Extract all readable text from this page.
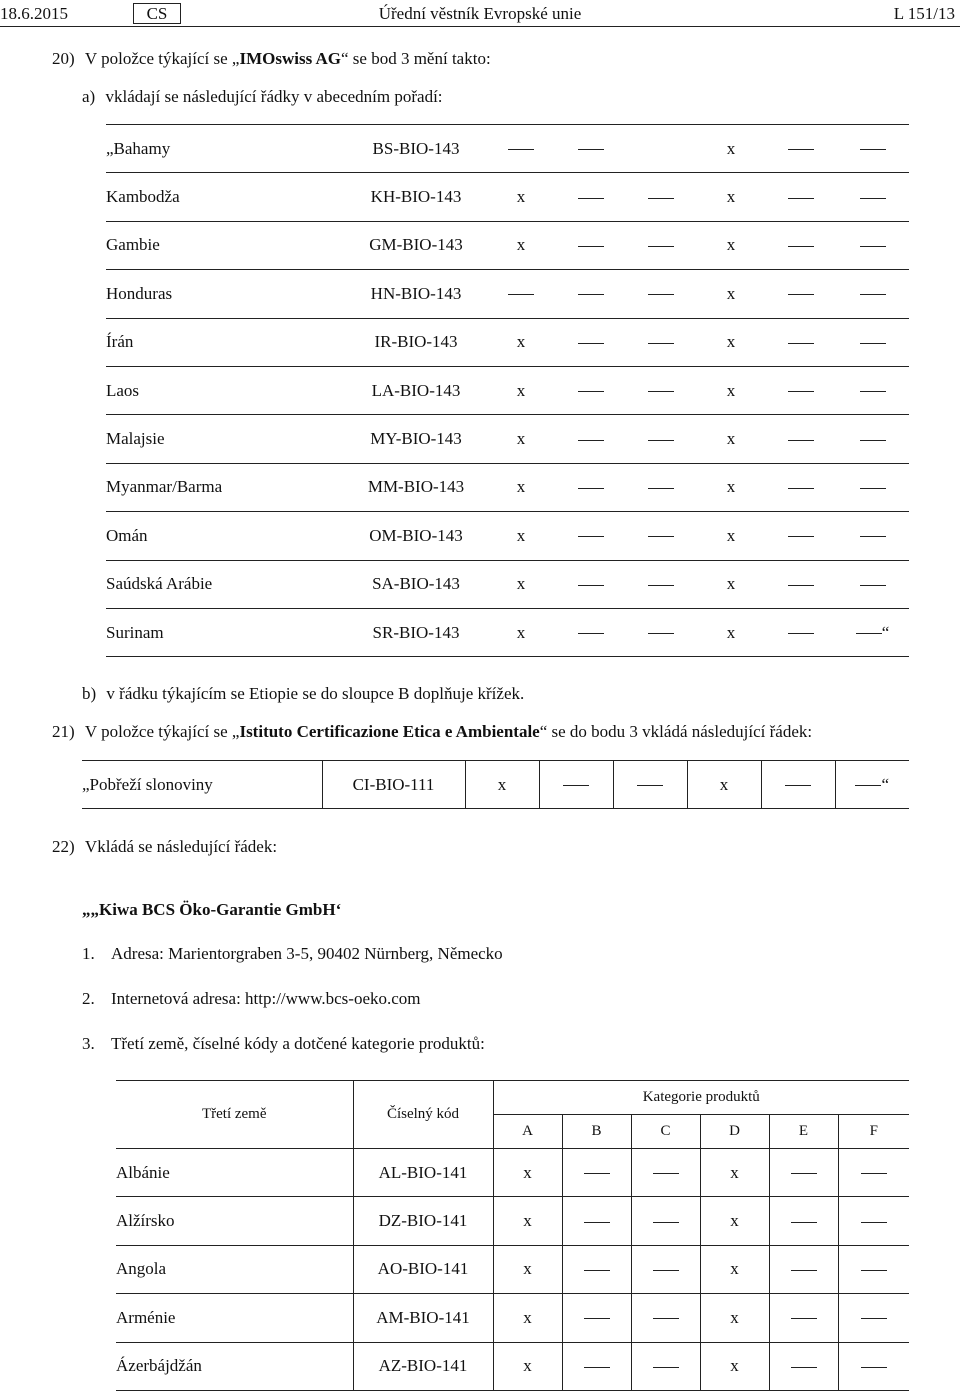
18.6.2015	CS	Úřední věstník Evropské unie	L 151/13
20) V položce týkající se „IMOswiss AG“ se bod 3 mění takto:
a) vkládají se následující řádky v abecedním pořadí:
„Bahamy	BS-BIO-143				x		
Kambodža	KH-BIO-143	x			x		
Gambie	GM-BIO-143	x			x		
Honduras	HN-BIO-143				x		
Írán	IR-BIO-143	x			x		
Laos	LA-BIO-143	x			x		
Malajsie	MY-BIO-143	x			x		
Myanmar/Barma	MM-BIO-143	x			x		
Omán	OM-BIO-143	x			x		
Saúdská Arábie	SA-BIO-143	x			x		
Surinam	SR-BIO-143	x			x		“
b) v řádku týkajícím se Etiopie se do sloupce B doplňuje křížek.
21) V položce týkající se „Istituto Certificazione Etica e Ambientale“ se do bodu 3 vkládá následující řádek:
„Pobřeží slonoviny	CI-BIO-111	x			x		“
22) Vkládá se následující řádek:
„„Kiwa BCS Öko-Garantie GmbH‘
1. Adresa: Marientorgraben 3-5, 90402 Nürnberg, Německo
2. Internetová adresa: http://www.bcs-oeko.com
3. Třetí země, číselné kódy a dotčené kategorie produktů:
Třetí země	Číselný kód	Kategorie produktů					
		A	B	C	D	E	F
Albánie	AL-BIO-141	x			x		
Alžírsko	DZ-BIO-141	x			x		
Angola	AO-BIO-141	x			x		
Arménie	AM-BIO-141	x			x		
Ázerbájdžán	AZ-BIO-141	x			x		
